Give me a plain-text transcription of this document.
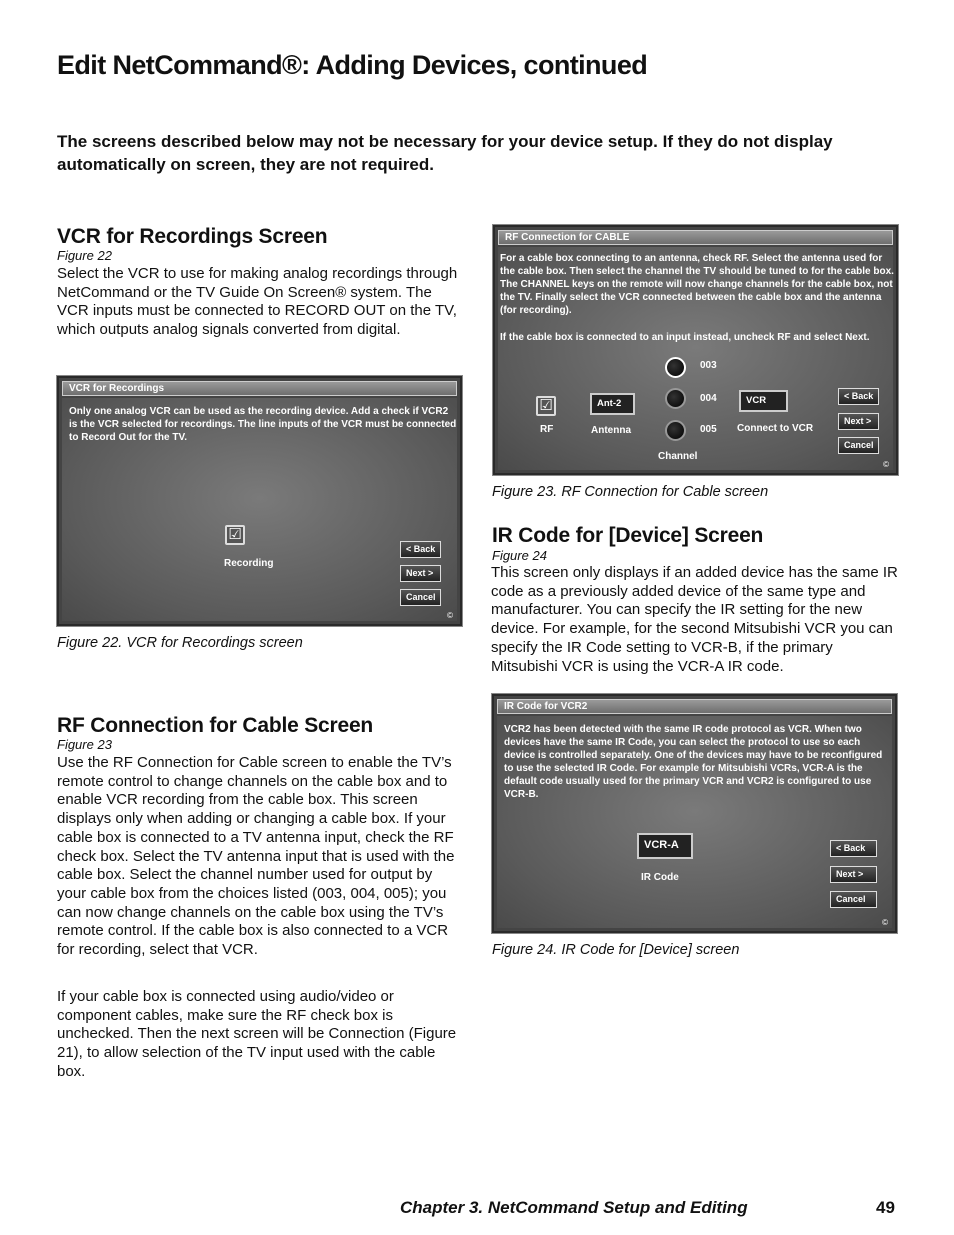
Edit NetCommand®: Adding Devices, continued
The screens described below may not be necessary for your device setup. If they do not display automatically on screen, they are not required.
VCR for Recordings Screen
Figure 22
Select the VCR to use for making analog recordings through NetCommand or the TV Guide On Screen® system. The VCR inputs must be connected to RECORD OUT on the TV, which outputs analog signals converted from digital.
VCR for Recordings
Only one analog VCR can be used as the recording device. Add a check if VCR2 is the VCR selected for recordings. The line inputs of the VCR must be connected to Record Out for the TV.
☑
Recording
< Back
Next >
Cancel
©
Figure 22. VCR for Recordings screen
RF Connection for Cable Screen
Figure 23
Use the RF Connection for Cable screen to enable the TV’s remote control to change channels on the cable box and to enable VCR recording from the cable box. This screen displays only when adding or changing a cable box. If your cable box is connected to a TV antenna input, check the RF check box. Select the TV antenna input that is used with the cable box. Select the channel number used for output by your cable box from the choices listed (003, 004, 005); you can now change channels on the cable box using the TV’s remote control. If the cable box is also connected to a VCR for recording, select that VCR.
If your cable box is connected using audio/video or component cables, make sure the RF check box is unchecked. Then the next screen will be Connection (Figure 21), to allow selection of the TV input used with the cable box.
RF Connection for CABLE
For a cable box connecting to an antenna, check RF. Select the antenna used for the cable box. Then select the channel the TV should be tuned to for the cable box. The CHANNEL keys on the remote will now change channels for the cable box, not the TV. Finally select the VCR connected between the cable box and the antenna (for recording).
If the cable box is connected to an input instead, uncheck RF and select Next.
☑
RF
Ant-2
Antenna
003
004
005
Channel
VCR
Connect to VCR
< Back
Next >
Cancel
©
Figure 23. RF Connection for Cable screen
IR Code for [Device] Screen
Figure 24
This screen only displays if an added device has the same IR code as a previously added device of the same type and manufacturer. You can specify the IR setting for the new device. For example, for the second Mitsubishi VCR you can specify the IR Code setting to VCR-B, if the primary Mitsubishi VCR is using the VCR-A IR code.
IR Code for VCR2
VCR2 has been detected with the same IR code protocol as VCR. When two devices have the same IR Code, you can select the protocol to use so each device is controlled separately. One of the devices may have to be reconfigured to use the selected IR Code. For example for Mitsubishi VCRs, VCR-A is the default code usually used for the primary VCR and VCR2 is configured to use VCR-B.
VCR-A
IR Code
< Back
Next >
Cancel
©
Figure 24. IR Code for [Device] screen
Chapter 3. NetCommand Setup and Editing	49
